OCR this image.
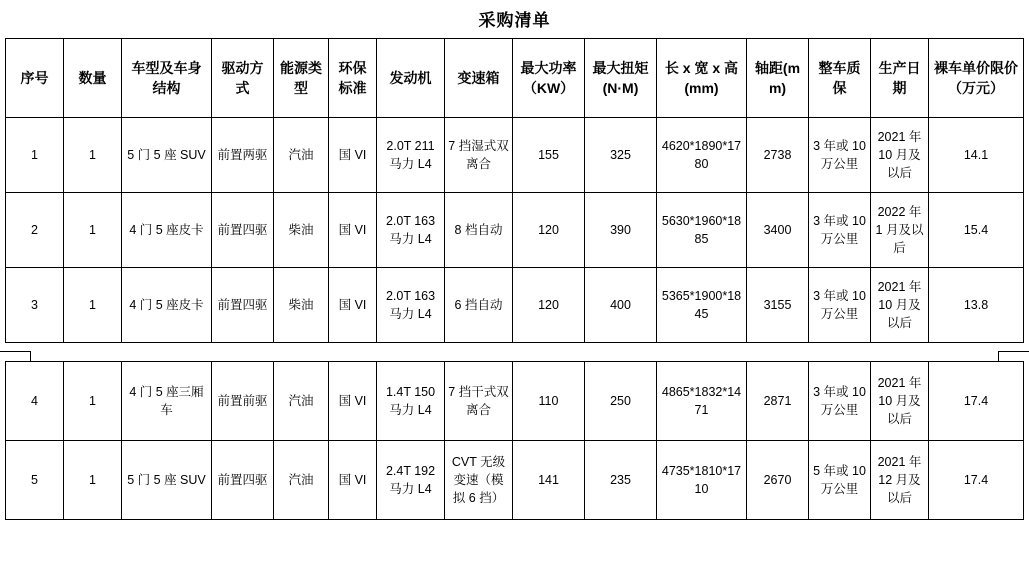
采购清单
序号	数量	车型及车身结构	驱动方式	能源类型	环保标准	发动机	变速箱	最大功率（KW）	最大扭矩(N·M)	长 x 宽 x 高(mm)	轴距(mm)	整车质保	生产日期	裸车单价限价（万元）
1	1	5 门 5 座 SUV	前置两驱	汽油	国 VI	2.0T 211 马力 L4	7 挡湿式双离合	155	325	4620*1890*1780	2738	3 年或 10 万公里	2021 年 10 月及以后	14.1
2	1	4 门 5 座皮卡	前置四驱	柴油	国 VI	2.0T 163 马力 L4	8 档自动	120	390	5630*1960*1885	3400	3 年或 10 万公里	2022 年 1 月及以后	15.4
3	1	4 门 5 座皮卡	前置四驱	柴油	国 VI	2.0T 163 马力 L4	6 挡自动	120	400	5365*1900*1845	3155	3 年或 10 万公里	2021 年 10 月及以后	13.8
4	1	4 门 5 座三厢车	前置前驱	汽油	国 VI	1.4T 150 马力 L4	7 挡干式双离合	110	250	4865*1832*1471	2871	3 年或 10 万公里	2021 年 10 月及以后	17.4
5	1	5 门 5 座 SUV	前置四驱	汽油	国 VI	2.4T 192 马力 L4	CVT 无级变速（模拟 6 挡）	141	235	4735*1810*1710	2670	5 年或 10 万公里	2021 年 12 月及以后	17.4
